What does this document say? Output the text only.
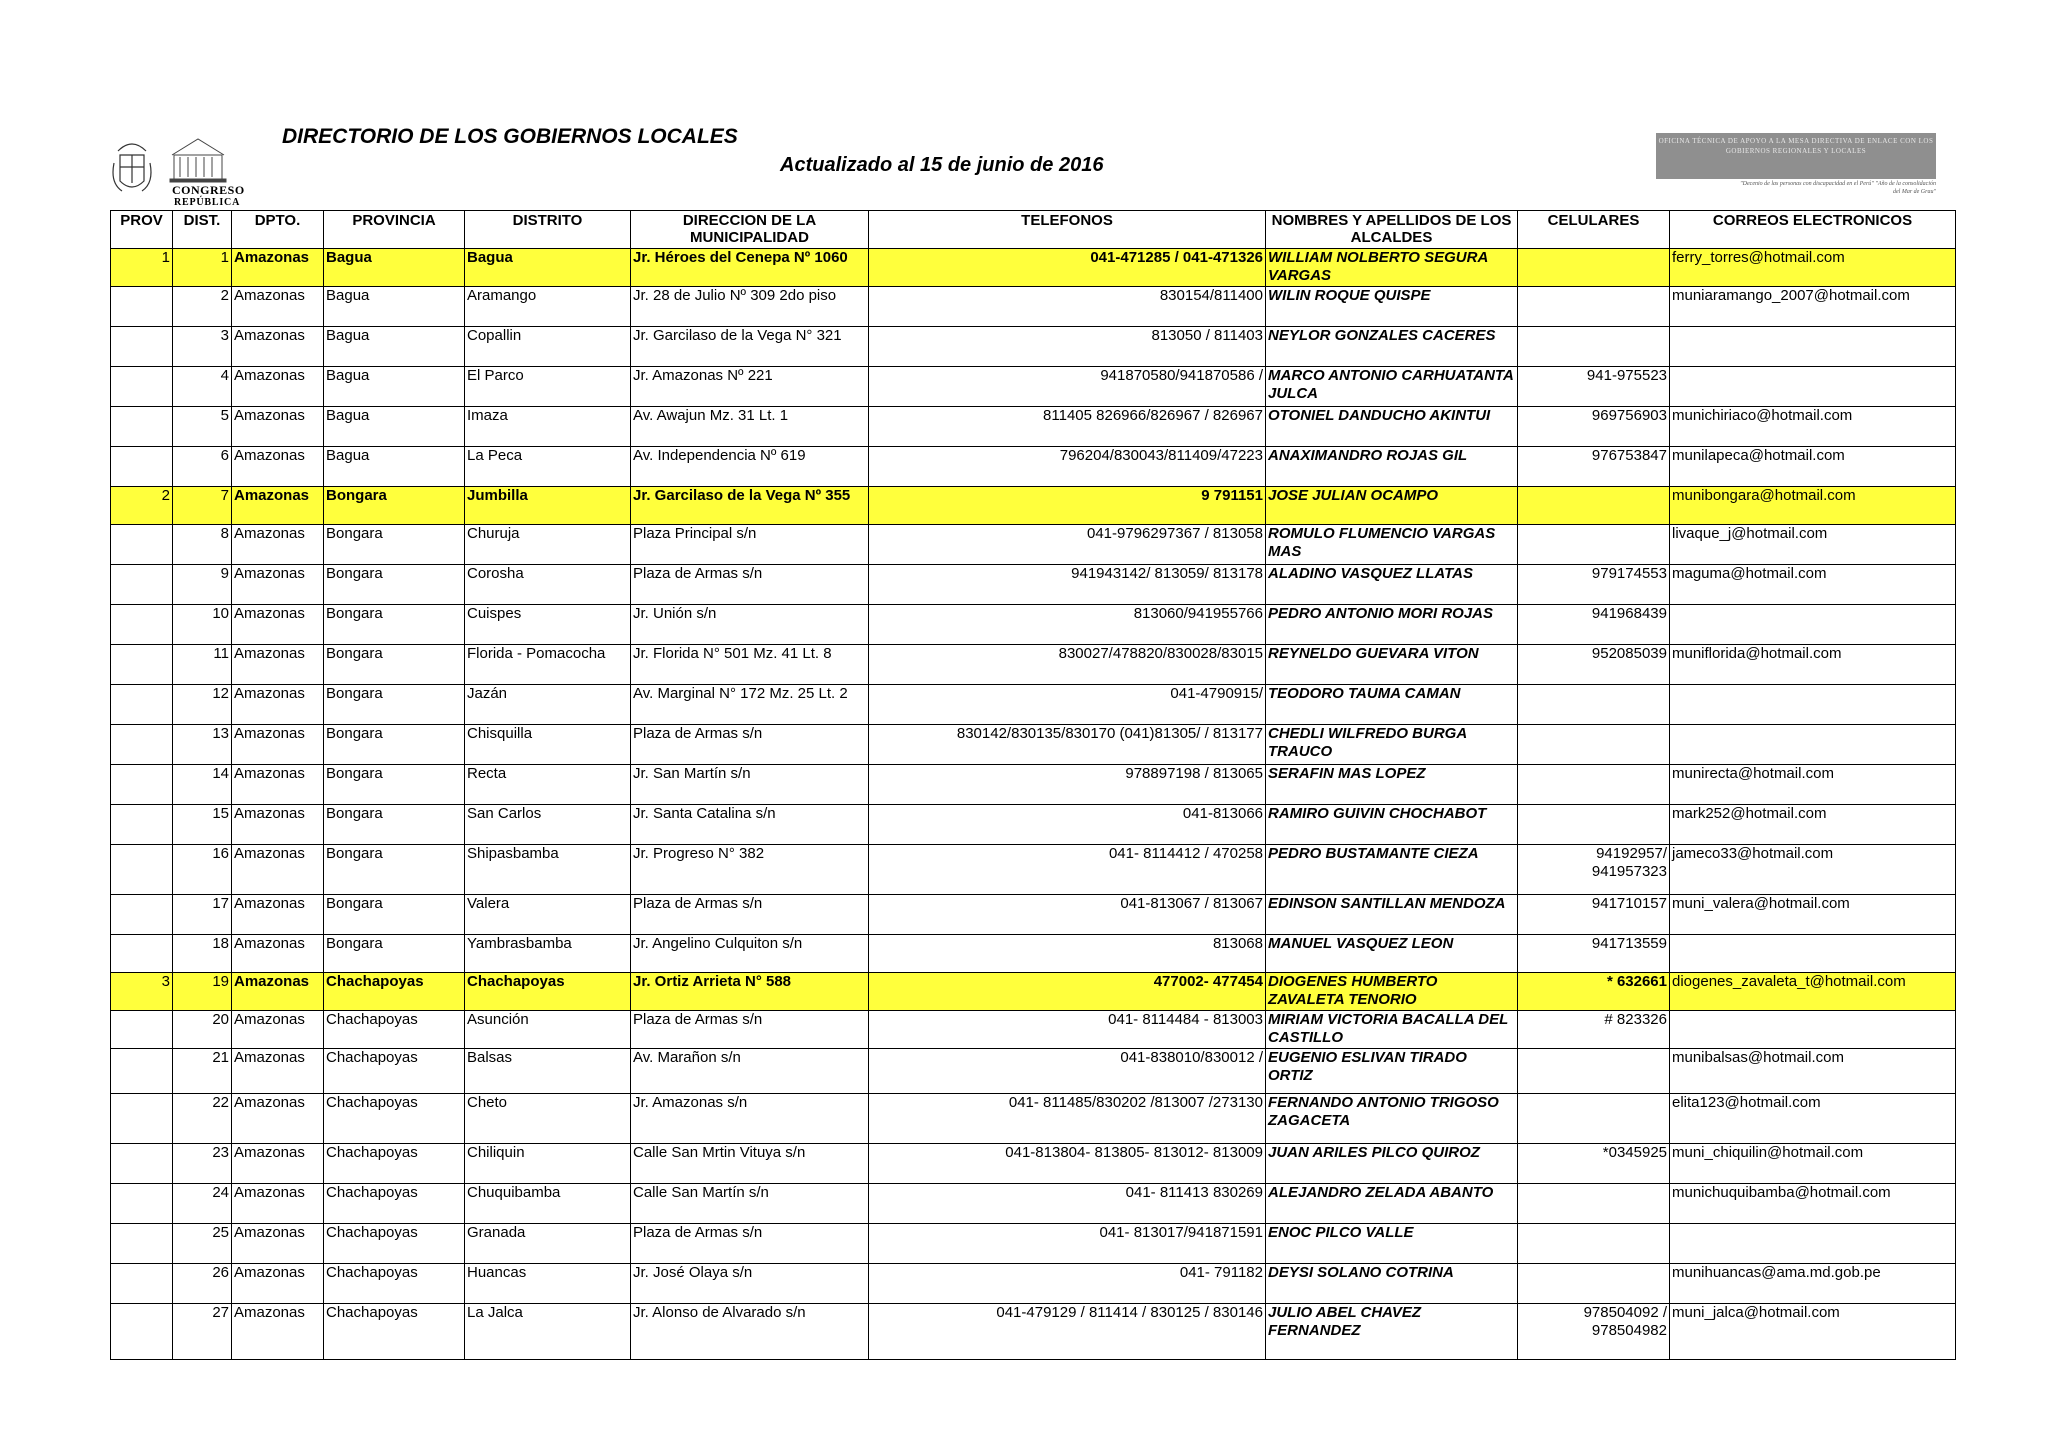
CONGRESO
REPÚBLICA
DIRECTORIO DE LOS GOBIERNOS LOCALES
Actualizado al 15 de junio de 2016
OFICINA TÉCNICA DE APOYO A LA MESA DIRECTIVA DE ENLACE CON LOS GOBIERNOS REGIONALES Y LOCALES
"Decenio de las personas con discapacidad en el Perú" "Año de la consolidación del Mar de Grau"
PROV	DIST.	DPTO.	PROVINCIA	DISTRITO	DIRECCION DE LA MUNICIPALIDAD	TELEFONOS	NOMBRES Y APELLIDOS DE LOS ALCALDES	CELULARES	CORREOS ELECTRONICOS
1	1	Amazonas	Bagua	Bagua	Jr. Héroes del Cenepa Nº 1060	041-471285 / 041-471326	WILLIAM NOLBERTO SEGURA VARGAS		ferry_torres@hotmail.com
	2	Amazonas	Bagua	Aramango	Jr. 28 de Julio Nº 309 2do piso	830154/811400	WILIN ROQUE QUISPE		muniaramango_2007@hotmail.com
	3	Amazonas	Bagua	Copallin	Jr. Garcilaso de la Vega N° 321	813050 / 811403	NEYLOR GONZALES CACERES		
	4	Amazonas	Bagua	El Parco	Jr. Amazonas Nº 221	941870580/941870586 /	MARCO ANTONIO CARHUATANTA JULCA	941-975523	
	5	Amazonas	Bagua	Imaza	Av. Awajun Mz. 31 Lt. 1	811405 826966/826967 / 826967	OTONIEL DANDUCHO AKINTUI	969756903	munichiriaco@hotmail.com
	6	Amazonas	Bagua	La Peca	Av. Independencia Nº 619	796204/830043/811409/47223	ANAXIMANDRO ROJAS GIL	976753847	munilapeca@hotmail.com
2	7	Amazonas	Bongara	Jumbilla	Jr. Garcilaso de la Vega Nº 355	9 791151	JOSE JULIAN OCAMPO		munibongara@hotmail.com
	8	Amazonas	Bongara	Churuja	Plaza Principal s/n	041-9796297367 / 813058	ROMULO FLUMENCIO VARGAS MAS		livaque_j@hotmail.com
	9	Amazonas	Bongara	Corosha	Plaza de Armas s/n	941943142/ 813059/ 813178	ALADINO VASQUEZ LLATAS	979174553	maguma@hotmail.com
	10	Amazonas	Bongara	Cuispes	Jr. Unión s/n	813060/941955766	PEDRO ANTONIO MORI ROJAS	941968439	
	11	Amazonas	Bongara	Florida - Pomacocha	Jr. Florida N° 501 Mz. 41 Lt. 8	830027/478820/830028/83015	REYNELDO GUEVARA VITON	952085039	muniflorida@hotmail.com
	12	Amazonas	Bongara	Jazán	Av. Marginal N° 172 Mz. 25 Lt. 2	041-4790915/	TEODORO TAUMA CAMAN		
	13	Amazonas	Bongara	Chisquilla	Plaza de Armas s/n	830142/830135/830170 (041)81305/ / 813177	CHEDLI WILFREDO BURGA TRAUCO		
	14	Amazonas	Bongara	Recta	Jr. San Martín s/n	978897198 / 813065	SERAFIN MAS LOPEZ		munirecta@hotmail.com
	15	Amazonas	Bongara	San Carlos	Jr. Santa Catalina s/n	041-813066	RAMIRO GUIVIN CHOCHABOT		mark252@hotmail.com
	16	Amazonas	Bongara	Shipasbamba	Jr. Progreso N° 382	041- 8114412 / 470258	PEDRO BUSTAMANTE CIEZA	94192957/ 941957323	jameco33@hotmail.com
	17	Amazonas	Bongara	Valera	Plaza de Armas s/n	041-813067 / 813067	EDINSON SANTILLAN MENDOZA	941710157	muni_valera@hotmail.com
	18	Amazonas	Bongara	Yambrasbamba	Jr. Angelino Culquiton s/n	813068	MANUEL VASQUEZ LEON	941713559	
3	19	Amazonas	Chachapoyas	Chachapoyas	Jr. Ortiz Arrieta N° 588	477002- 477454	DIOGENES HUMBERTO ZAVALETA TENORIO	* 632661	diogenes_zavaleta_t@hotmail.com
	20	Amazonas	Chachapoyas	Asunción	Plaza de Armas s/n	041- 8114484 - 813003	MIRIAM VICTORIA BACALLA DEL CASTILLO	# 823326	
	21	Amazonas	Chachapoyas	Balsas	Av. Marañon s/n	041-838010/830012 /	EUGENIO ESLIVAN TIRADO ORTIZ		munibalsas@hotmail.com
	22	Amazonas	Chachapoyas	Cheto	Jr. Amazonas s/n	041- 811485/830202 /813007 /273130	FERNANDO ANTONIO TRIGOSO ZAGACETA		elita123@hotmail.com
	23	Amazonas	Chachapoyas	Chiliquin	Calle San Mrtin Vituya s/n	041-813804- 813805- 813012- 813009	JUAN ARILES PILCO QUIROZ	*0345925	muni_chiquilin@hotmail.com
	24	Amazonas	Chachapoyas	Chuquibamba	Calle San Martín s/n	041- 811413 830269	ALEJANDRO ZELADA ABANTO		munichuquibamba@hotmail.com
	25	Amazonas	Chachapoyas	Granada	Plaza de Armas s/n	041- 813017/941871591	ENOC PILCO VALLE		
	26	Amazonas	Chachapoyas	Huancas	Jr. José Olaya s/n	041- 791182	DEYSI SOLANO COTRINA		munihuancas@ama.md.gob.pe
	27	Amazonas	Chachapoyas	La Jalca	Jr. Alonso de Alvarado s/n	041-479129 / 811414 / 830125 / 830146	JULIO ABEL CHAVEZ FERNANDEZ	978504092 / 978504982	muni_jalca@hotmail.com
